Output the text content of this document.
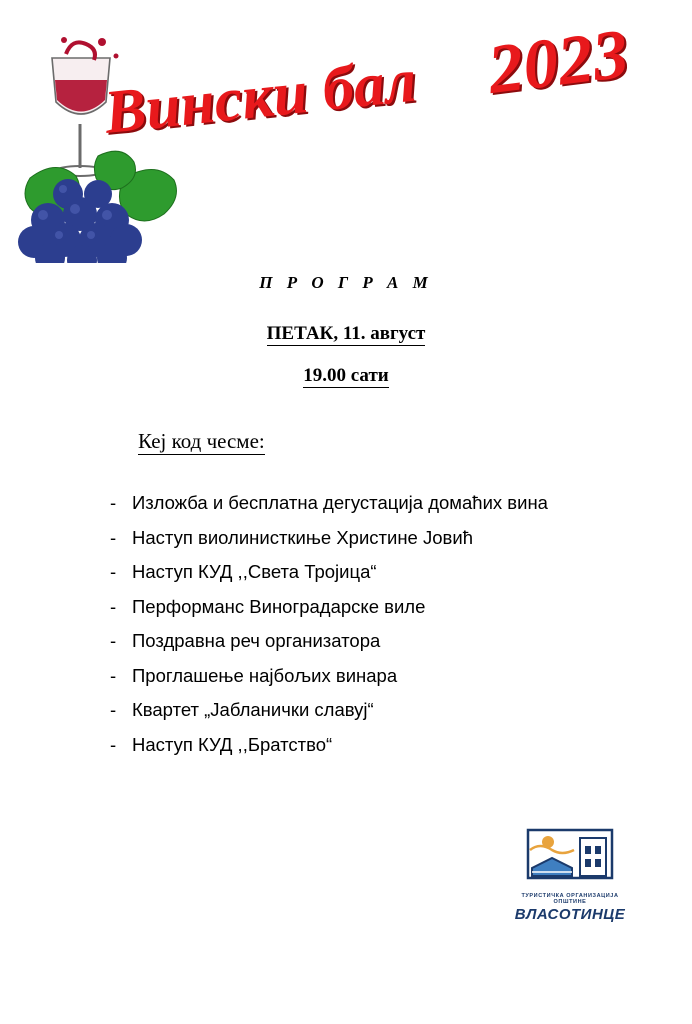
Вински бал 2023
П Р О Г Р А М
ПЕТАК, 11. август
19.00 сати
Кеј код чесме:
- Изложба и бесплатна дегустација домаћих вина
- Наступ виолинисткиње Христине Јовић
- Наступ КУД ,,Света Тројица“
- Перформанс Виноградарске виле
- Поздравна реч организатора
- Проглашење најбољих винара
- Квартет „Јабланички славуј“
- Наступ КУД ,,Братство“
ТУРИСТИЧКА ОРГАНИЗАЦИЈА ОПШТИНЕ
ВЛАСОТИНЦЕ
